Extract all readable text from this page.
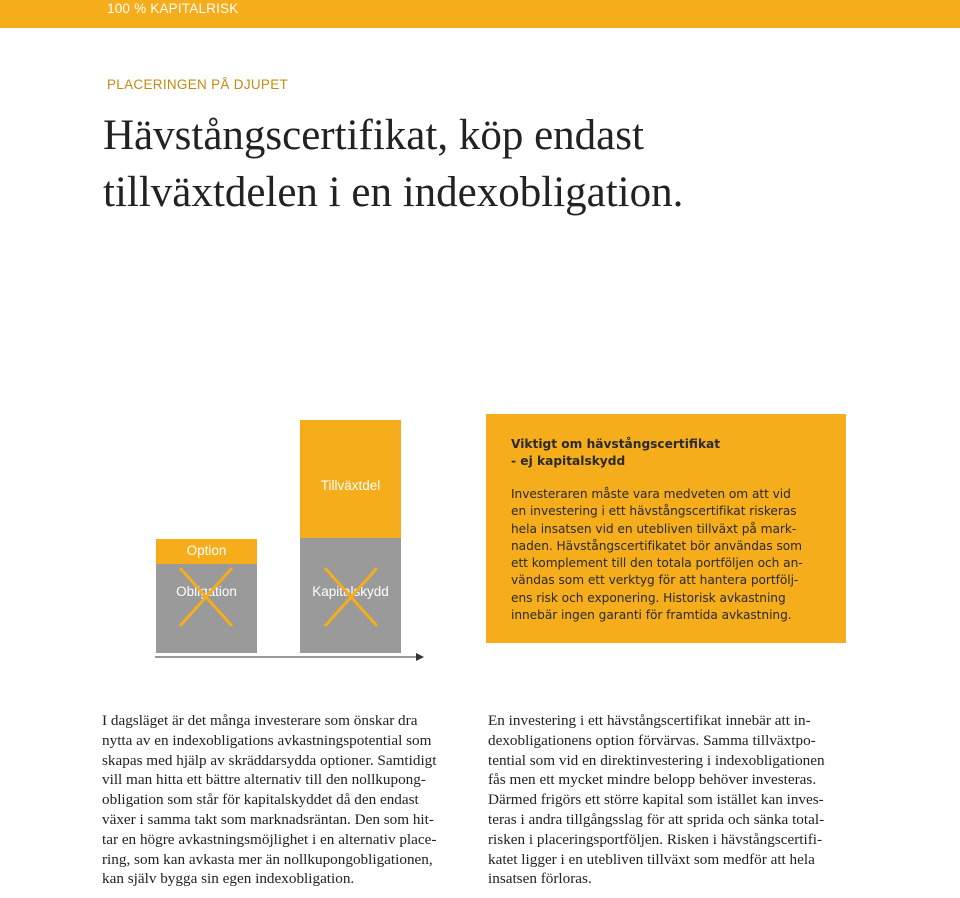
100 % KAPITALRISK
PLACERINGEN PÅ DJUPET
Hävstångscertifikat, köp endast
tillväxtdelen i en indexobligation.
Option
Obligation
Tillväxtdel
Kapitalskydd

Viktigt om hävstångscertifikat
- ej kapitalskydd

Investeraren måste vara medveten om att vid
en investering i ett hävstångscertifikat riskeras
hela insatsen vid en utebliven tillväxt på mark-
naden. Hävstångscertifikatet bör användas som
ett komplement till den totala portföljen och an-
vändas som ett verktyg för att hantera portfölj-
ens risk och exponering. Historisk avkastning
innebär ingen garanti för framtida avkastning.

I dagsläget är det många investerare som önskar dra
nytta av en indexobligations avkastningspotential som
skapas med hjälp av skräddarsydda optioner. Samtidigt
vill man hitta ett bättre alternativ till den nollkupong-
obligation som står för kapitalskyddet då den endast
växer i samma takt som marknadsräntan. Den som hit-
tar en högre avkastningsmöjlighet i en alternativ place-
ring, som kan avkasta mer än nollkupongobligationen,
kan själv bygga sin egen indexobligation.
En investering i ett hävstångscertifikat innebär att in-
dexobligationens option förvärvas. Samma tillväxtpo-
tential som vid en direktinvestering i indexobligationen
fås men ett mycket mindre belopp behöver investeras.
Därmed frigörs ett större kapital som istället kan inves-
teras i andra tillgångsslag för att sprida och sänka total-
risken i placeringsportföljen. Risken i hävstångscertifi-
katet ligger i en utebliven tillväxt som medför att hela
insatsen förloras.
